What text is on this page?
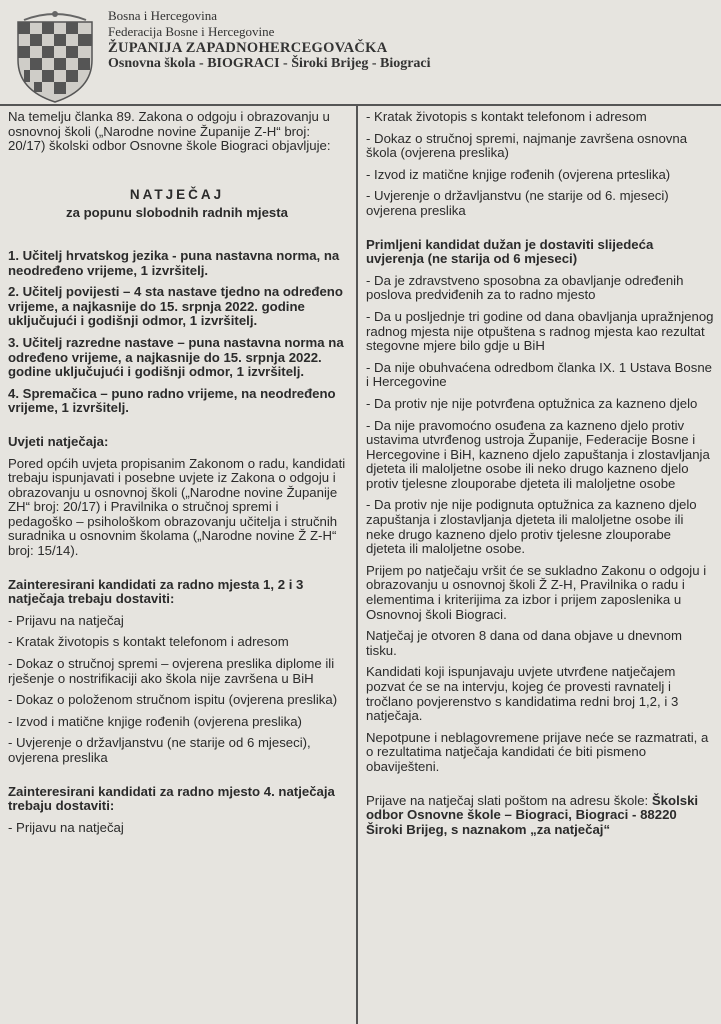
Bosna i Hercegovina
Federacija Bosne i Hercegovine
ŽUPANIJA ZAPADNOHERCEGOVAČKA
Osnovna škola - BIOGRACI - Široki Brijeg - Biograci

Na temelju članka 89. Zakona o odgoju i obrazovanju u osnovnoj školi („Narodne novine Županije Z-H“ broj: 20/17) školski odbor Osnovne škole Biograci objavljuje:

NATJEČAJ
za popunu slobodnih radnih mjesta

1. Učitelj hrvatskog jezika - puna nastavna norma, na neodređeno vrijeme, 1 izvršitelj.

2. Učitelj povijesti – 4 sta nastave tjedno na određeno vrijeme, a najkasnije do 15. srpnja 2022. godine uključujući i godišnji odmor, 1 izvršitelj.

3. Učitelj razredne nastave – puna nastavna norma na određeno vrijeme, a najkasnije do 15. srpnja 2022. godine uključujući i godišnji odmor, 1 izvršitelj.

4. Spremačica – puno radno vrijeme, na neodređeno vrijeme, 1 izvršitelj.

Uvjeti natječaja:

Pored općih uvjeta propisanim Zakonom o radu, kandidati trebaju ispunjavati i posebne uvjete iz Zakona o odgoju i obrazovanju u osnovnoj školi („Narodne novine Županije ZH“ broj: 20/17) i Pravilnika o stručnoj spremi i pedagoško – psihološkom obrazovanju učitelja i stručnih suradnika u osnovnim školama („Narodne novine Ž Z-H“ broj: 15/14).

Zainteresirani kandidati za radno mjesta 1, 2 i 3 natječaja trebaju dostaviti:

- Prijavu na natječaj

- Kratak životopis s kontakt telefonom i adresom

- Dokaz o stručnoj spremi – ovjerena preslika diplome ili rješenje o nostrifikaciji ako škola nije završena u BiH

- Dokaz o položenom stručnom ispitu (ovjerena preslika)

- Izvod i matične knjige rođenih (ovjerena preslika)

- Uvjerenje o državljanstvu (ne starije od 6 mjeseci), ovjerena preslika

Zainteresirani kandidati za radno mjesto 4. natječaja trebaju dostaviti:

- Prijavu na natječaj

- Kratak životopis s kontakt telefonom i adresom

- Dokaz o stručnoj spremi, najmanje završena osnovna škola (ovjerena preslika)

- Izvod iz matične knjige rođenih (ovjerena prteslika)

- Uvjerenje o državljanstvu (ne starije od 6. mjeseci) ovjerena preslika

Primljeni kandidat dužan je dostaviti slijedeća uvjerenja (ne starija od 6 mjeseci)

- Da je zdravstveno sposobna za obavljanje određenih poslova predviđenih za to radno mjesto

- Da u posljednje tri godine od dana obavljanja upražnjenog radnog mjesta nije otpuštena s radnog mjesta kao rezultat stegovne mjere bilo gdje u BiH

- Da nije obuhvaćena odredbom članka IX. 1 Ustava Bosne i Hercegovine

- Da protiv nje nije potvrđena optužnica za kazneno djelo

- Da nije pravomoćno osuđena za kazneno djelo protiv ustavima utvrđenog ustroja Županije, Federacije Bosne i Hercegovine i BiH, kazneno djelo zapuštanja i zlostavljanja djeteta ili maloljetne osobe ili neko drugo kazneno djelo protiv tjelesne zlouporabe djeteta ili maloljetne osobe

- Da protiv nje nije podignuta optužnica za kazneno djelo zapuštanja i zlostavljanja djeteta ili maloljetne osobe ili neke drugo kazneno djelo protiv tjelesne zlouporabe djeteta ili maloljetne osobe.

Prijem po natječaju vršit će se sukladno Zakonu o odgoju i obrazovanju u osnovnoj školi Ž Z-H, Pravilnika o radu i elementima i kriterijima za izbor i prijem zaposlenika u Osnovnoj školi Biograci.

Natječaj je otvoren 8 dana od dana objave u dnevnom tisku.

Kandidati koji ispunjavaju uvjete utvrđene natječajem pozvat će se na intervju, kojeg će provesti ravnatelj i tročlano povjerenstvo s kandidatima redni broj 1,2, i 3 natječaja.

Nepotpune i neblagovremene prijave neće se razmatrati, a o rezultatima natječaja kandidati će biti pismeno obaviješteni.

Prijave na natječaj slati poštom na adresu škole: Školski odbor Osnovne škole – Biograci, Biograci - 88220 Široki Brijeg, s naznakom „za natječaj“
